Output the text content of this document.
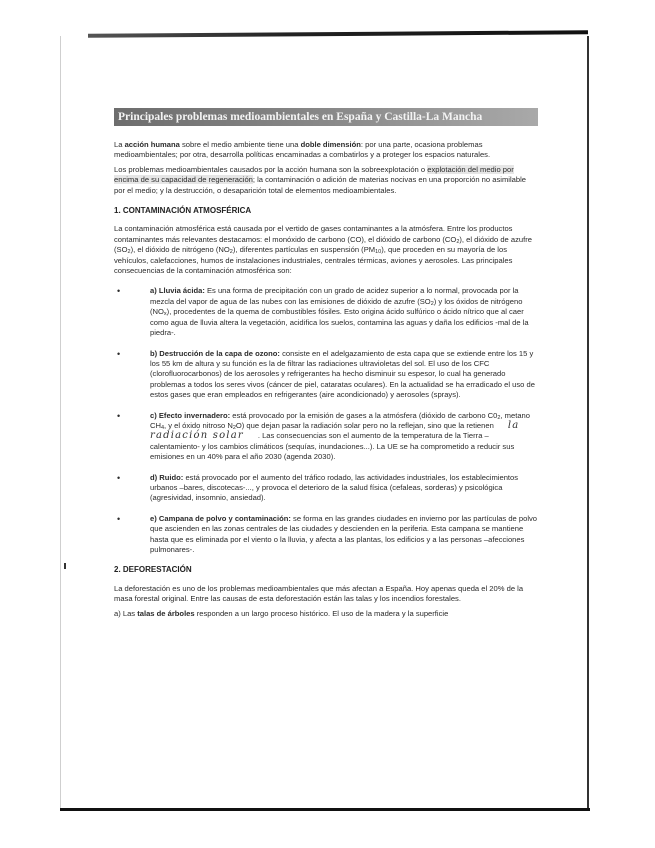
Principales problemas medioambientales en España y Castilla-La Mancha

La acción humana sobre el medio ambiente tiene una doble dimensión: por una parte, ocasiona problemas medioambientales; por otra, desarrolla políticas encaminadas a combatirlos y a proteger los espacios naturales.

Los problemas medioambientales causados por la acción humana son la sobreexplotación o explotación del medio por encima de su capacidad de regeneración; la contaminación o adición de materias nocivas en una proporción no asimilable por el medio; y la destrucción, o desaparición total de elementos medioambientales.

1. CONTAMINACIÓN ATMOSFÉRICA

La contaminación atmosférica está causada por el vertido de gases contaminantes a la atmósfera. Entre los productos contaminantes más relevantes destacamos: el monóxido de carbono (CO), el dióxido de carbono $(CO_2)$, el dióxido de azufre $(SO_2)$, el dióxido de nitrógeno $(NO_2)$, diferentes partículas en suspensión $(PM_{10})$, que proceden en su mayoría de los vehículos, calefacciones, humos de instalaciones industriales, centrales térmicas, aviones y aerosoles. Las principales consecuencias de la contaminación atmosférica son:

•	a) Lluvia ácida: Es una forma de precipitación con un grado de acidez superior a lo normal, provocada por la mezcla del vapor de agua de las nubes con las emisiones de dióxido de azufre $(SO_2)$ y los óxidos de nitrógeno $(NO_x)$, procedentes de la quema de combustibles fósiles. Esto origina ácido sulfúrico o ácido nítrico que al caer como agua de lluvia altera la vegetación, acidifica los suelos, contamina las aguas y daña los edificios -mal de la piedra-.
•	b) Destrucción de la capa de ozono: consiste en el adelgazamiento de esta capa que se extiende entre los 15 y los 55 km de altura y su función es la de filtrar las radiaciones ultravioletas del sol. El uso de los CFC (clorofluorocarbonos) de los aerosoles y refrigerantes ha hecho disminuir su espesor, lo cual ha generado problemas a todos los seres vivos (cáncer de piel, cataratas oculares). En la actualidad se ha erradicado el uso de estos gases que eran empleados en refrigerantes (aire acondicionado) y aerosoles (sprays).
•	c) Efecto invernadero: está provocado por la emisión de gases a la atmósfera (dióxido de carbono $C0_2$, metano $CH_4$, y el óxido nitroso $N_2O$) que dejan pasar la radiación solar pero no la reflejan, sino que la retienen la radiación solar . Las consecuencias son el aumento de la temperatura de la Tierra –calentamiento- y los cambios climáticos (sequías, inundaciones...). La UE se ha comprometido a reducir sus emisiones en un 40% para el año 2030 (agenda 2030).
•	d) Ruido: está provocado por el aumento del tráfico rodado, las actividades industriales, los establecimientos urbanos –bares, discotecas-..., y provoca el deterioro de la salud física (cefaleas, sorderas) y psicológica (agresividad, insomnio, ansiedad).
•	e) Campana de polvo y contaminación: se forma en las grandes ciudades en invierno por las partículas de polvo que ascienden en las zonas centrales de las ciudades y descienden en la periferia. Esta campana se mantiene hasta que es eliminada por el viento o la lluvia, y afecta a las plantas, los edificios y a las personas –afecciones pulmonares-.
2. DEFORESTACIÓN

La deforestación es uno de los problemas medioambientales que más afectan a España. Hoy apenas queda el 20% de la masa forestal original. Entre las causas de esta deforestación están las talas y los incendios forestales.

a) Las talas de árboles responden a un largo proceso histórico. El uso de la madera y la superficie
